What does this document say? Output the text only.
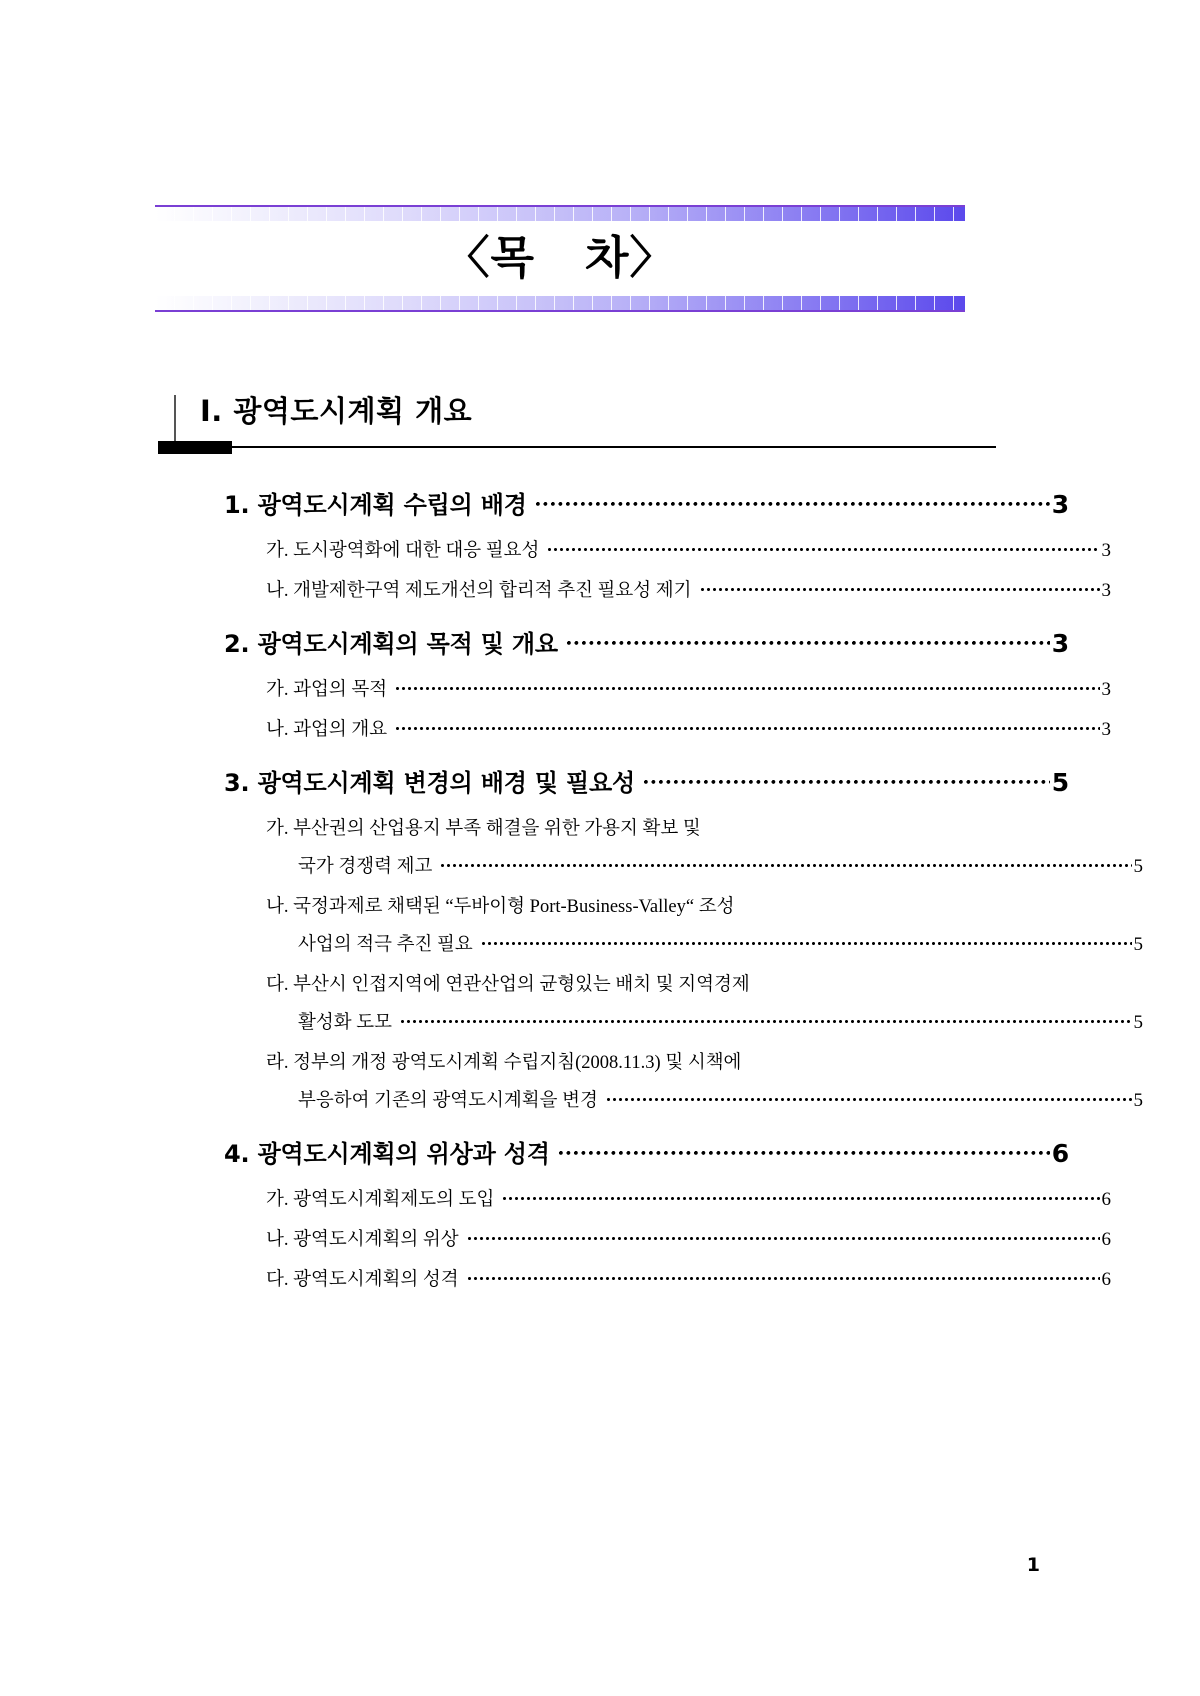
〈목   차〉
Ⅰ. 광역도시계획 개요
1. 광역도시계획 수립의 배경	3
가. 도시광역화에 대한 대응 필요성	3
나. 개발제한구역 제도개선의 합리적 추진 필요성 제기	3
2. 광역도시계획의 목적 및 개요	3
가. 과업의 목적	3
나. 과업의 개요	3
3. 광역도시계획 변경의 배경 및 필요성	5
가. 부산권의 산업용지 부족 해결을 위한 가용지 확보 및
국가 경쟁력 제고	5
나. 국정과제로 채택된 “두바이형 Port-Business-Valley“ 조성
사업의 적극 추진 필요	5
다. 부산시 인접지역에 연관산업의 균형있는 배치 및 지역경제
활성화 도모	5
라. 정부의 개정 광역도시계획 수립지침(2008.11.3) 및 시책에
부응하여 기존의 광역도시계획을 변경	5
4. 광역도시계획의 위상과 성격	6
가. 광역도시계획제도의 도입	6
나. 광역도시계획의 위상	6
다. 광역도시계획의 성격	6
1
